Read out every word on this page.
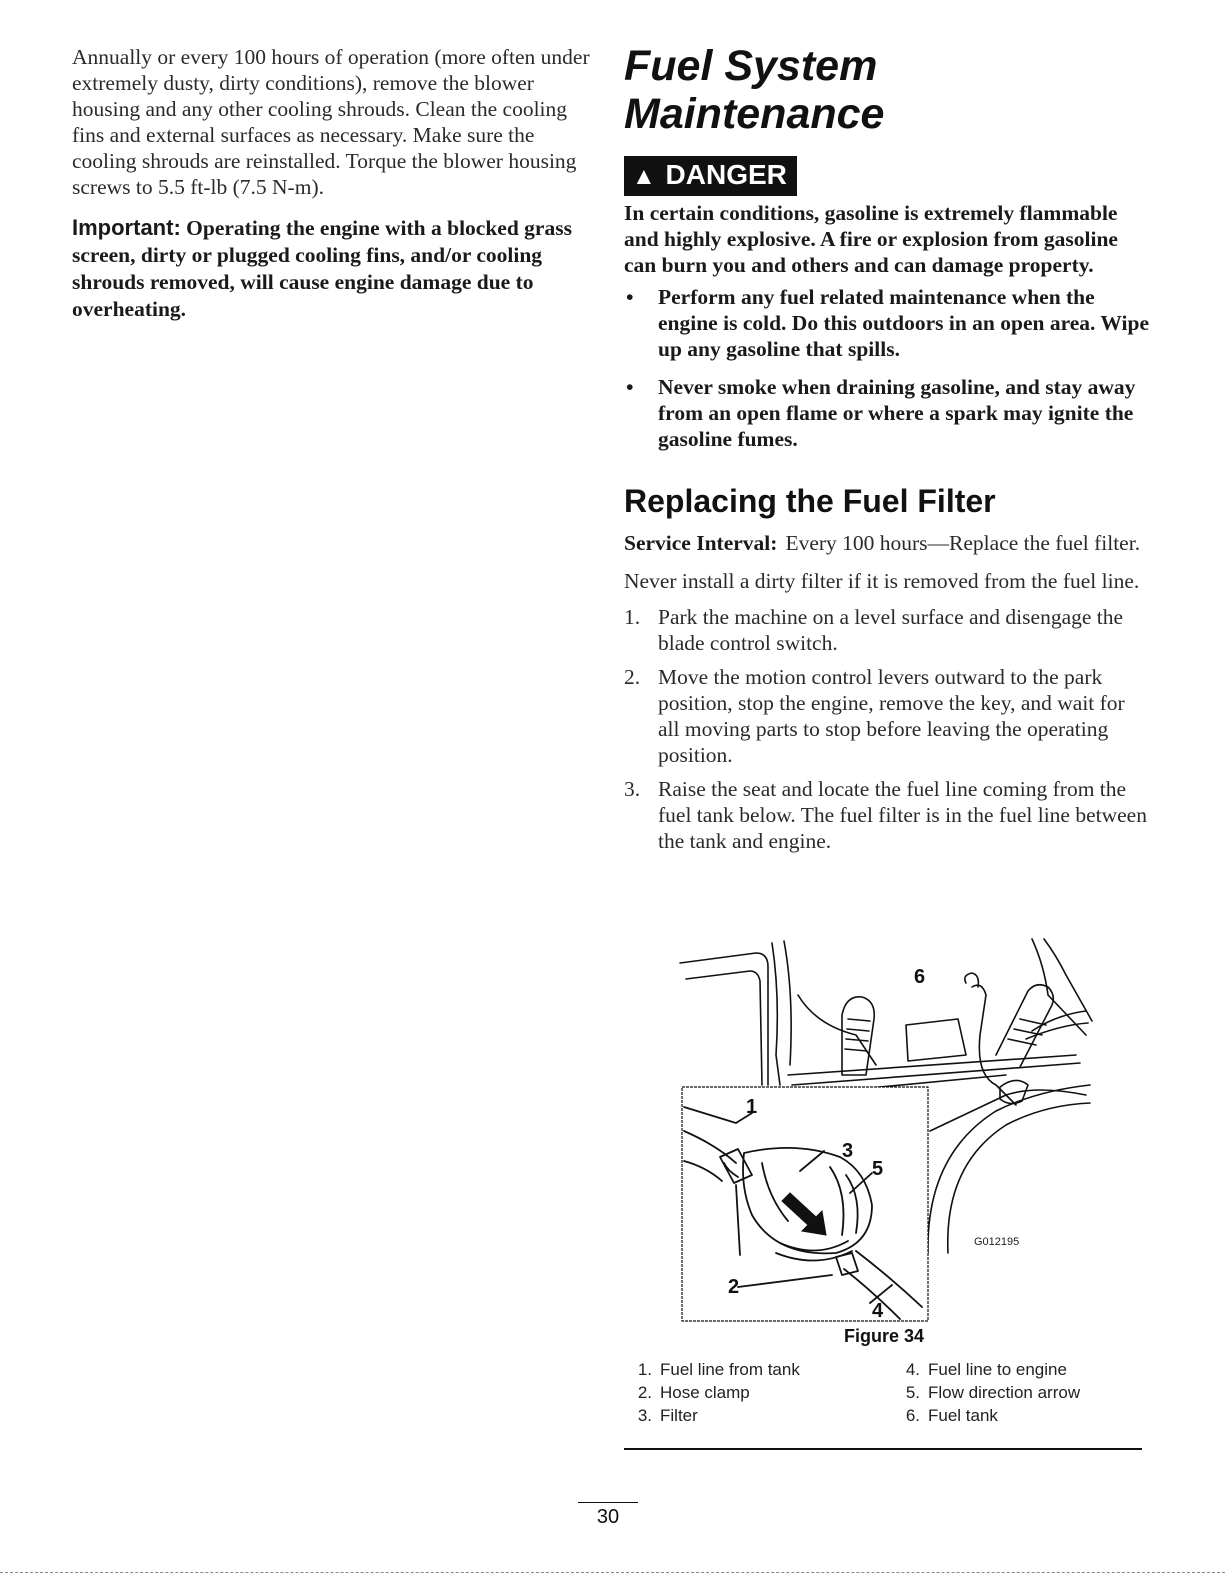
Annually or every 100 hours of operation (more often under extremely dusty, dirty conditions), remove the blower housing and any other cooling shrouds. Clean the cooling fins and external surfaces as necessary. Make sure the cooling shrouds are reinstalled. Torque the blower housing screws to 5.5 ft-lb (7.5 N-m).

Important: Operating the engine with a blocked grass screen, dirty or plugged cooling fins, and/or cooling shrouds removed, will cause engine damage due to overheating.

Fuel System
Maintenance
▲ DANGER

In certain conditions, gasoline is extremely flammable and highly explosive. A fire or explosion from gasoline can burn you and others and can damage property.

• Perform any fuel related maintenance when the engine is cold. Do this outdoors in an open area. Wipe up any gasoline that spills.
• Never smoke when draining gasoline, and stay away from an open flame or where a spark may ignite the gasoline fumes.
Replacing the Fuel Filter
Service Interval: Every 100 hours—Replace the fuel filter.

Never install a dirty filter if it is removed from the fuel line.

1. Park the machine on a level surface and disengage the blade control switch.
2. Move the motion control levers outward to the park position, stop the engine, remove the key, and wait for all moving parts to stop before leaving the operating position.
3. Raise the seat and locate the fuel line coming from the fuel tank below. The fuel filter is in the fuel line between the tank and engine.
1
2
3
4
5
6
G012195
Figure 34
1. Fuel line from tank
2. Hose clamp
3. Filter
4. Fuel line to engine
5. Flow direction arrow
6. Fuel tank
30
